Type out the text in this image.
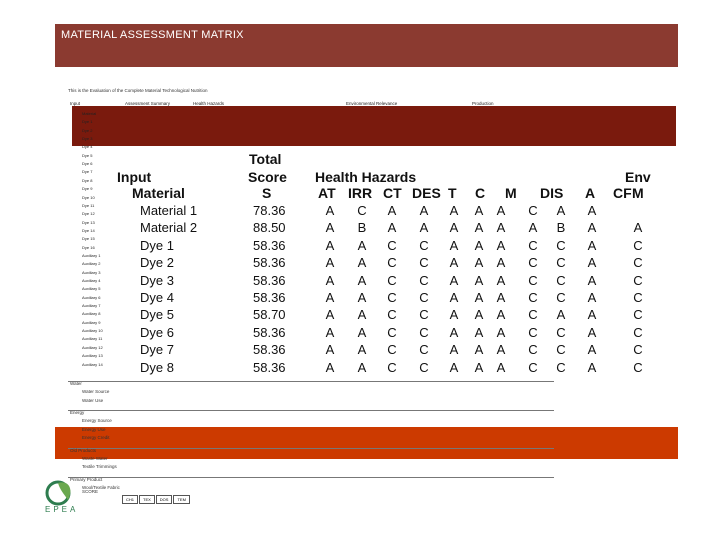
MATERIAL ASSESSMENT MATRIX
This is the Evaluation of the Complete Material Technological Nutrition
Input	Assessment Summary	Health Hazards	Environmental Relevance	Production
Material
Dye 1
Dye 2
Dye 3
Dye 4
Dye 5
Dye 6
Dye 7
Dye 8
Dye 9
Dye 10
Dye 11
Dye 12
Dye 13
Dye 14
Dye 15
Dye 16
Auxiliary 1
Auxiliary 2
Auxiliary 3
Auxiliary 4
Auxiliary 5
Auxiliary 6
Auxiliary 7
Auxiliary 8
Auxiliary 9
Auxiliary 10
Auxiliary 11
Auxiliary 12
Auxiliary 13
Auxiliary 14
Water
Water Source
Water Use
Energy
Energy Source
Energy Use
Energy Credit
Old Products
Waste Water
Textile Trimmings
Primary Product
Wool/Textile Fabric
Total
Input	Score Health Hazards	Env
Material	S	AT IRR CT DES T C M DIS A CF M
Material 1	78.36	A	C	A	A	A	A	A	C	A	A
Material 2	88.50	A	B	A	A	A	A	A	A	B	A	A
Dye 1	58.36	A	A	C	C	A	A	A	C	C	A	C
Dye 2	58.36	A	A	C	C	A	A	A	C	C	A	C
Dye 3	58.36	A	A	C	C	A	A	A	C	C	A	C
Dye 4	58.36	A	A	C	C	A	A	A	C	C	A	C
Dye 5	58.70	A	A	C	C	A	A	A	C	A	A	C
Dye 6	58.36	A	A	C	C	A	A	A	C	C	A	C
Dye 7	58.36	A	A	C	C	A	A	A	C	C	A	C
Dye 8	58.36	A	A	C	C	A	A	A	C	C	A	C
EPEA
SCORE
CH1 TEX DOS TEM
